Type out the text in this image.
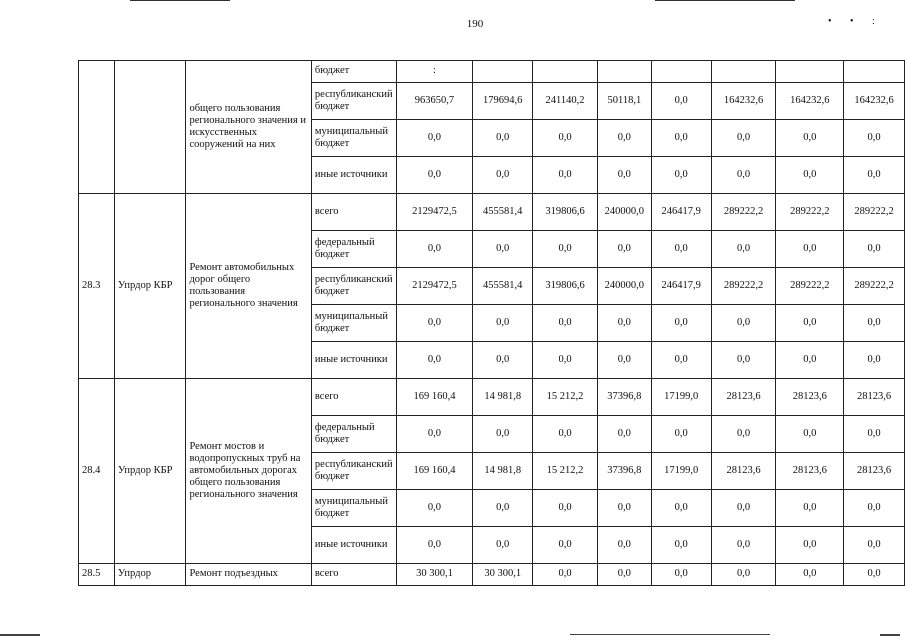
190	• • :
		общего пользования регионального значения и искусственных сооружений на них	бюджет	:							
			республиканский бюджет	963650,7	179694,6	241140,2	50118,1	0,0	164232,6	164232,6	164232,6
			муниципальный бюджет	0,0	0,0	0,0	0,0	0,0	0,0	0,0	0,0
			иные источники	0,0	0,0	0,0	0,0	0,0	0,0	0,0	0,0
28.3	Упрдор КБР	Ремонт автомобильных дорог общего пользования регионального значения	всего	2129472,5	455581,4	319806,6	240000,0	246417,9	289222,2	289222,2	289222,2
			федеральный бюджет	0,0	0,0	0,0	0,0	0,0	0,0	0,0	0,0
			республиканский бюджет	2129472,5	455581,4	319806,6	240000,0	246417,9	289222,2	289222,2	289222,2
			муниципальный бюджет	0,0	0,0	0,0	0,0	0,0	0,0	0,0	0,0
			иные источники	0,0	0,0	0,0	0,0	0,0	0,0	0,0	0,0
28.4	Упрдор КБР	Ремонт мостов и водопропускных труб на автомобильных дорогах общего пользования регионального значения	всего	169 160,4	14 981,8	15 212,2	37396,8	17199,0	28123,6	28123,6	28123,6
			федеральный бюджет	0,0	0,0	0,0	0,0	0,0	0,0	0,0	0,0
			республиканский бюджет	169 160,4	14 981,8	15 212,2	37396,8	17199,0	28123,6	28123,6	28123,6
			муниципальный бюджет	0,0	0,0	0,0	0,0	0,0	0,0	0,0	0,0
			иные источники	0,0	0,0	0,0	0,0	0,0	0,0	0,0	0,0
28.5	Упрдор	Ремонт подъездных	всего	30 300,1	30 300,1	0,0	0,0	0,0	0,0	0,0	0,0
